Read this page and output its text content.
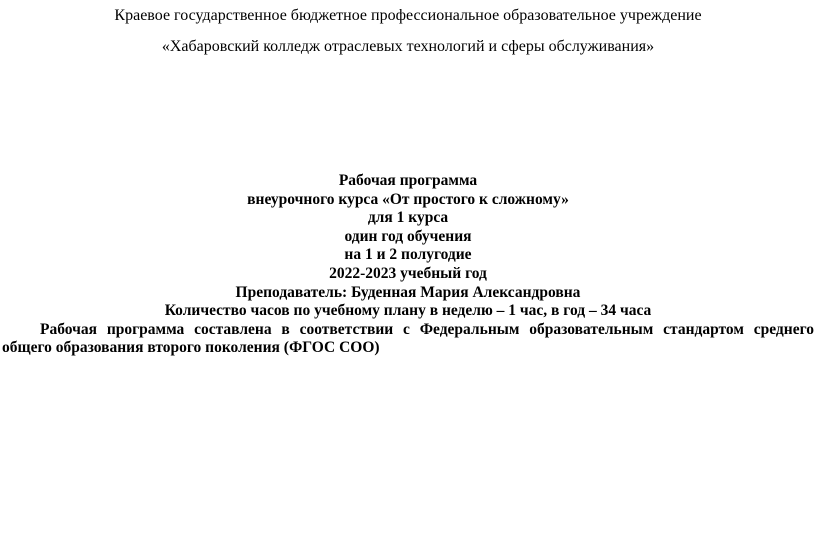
Краевое государственное бюджетное профессиональное образовательное учреждение
«Хабаровский колледж отраслевых технологий и сферы обслуживания»
Рабочая программа
внеурочного курса «От простого к сложному»
для 1 курса
один год обучения
на 1 и 2 полугодие
2022-2023 учебный год
Преподаватель: Буденная Мария Александровна
Количество часов по учебному плану в неделю – 1 час, в год – 34 часа

Рабочая программа составлена в соответствии с Федеральным образовательным стандартом среднего общего образования второго поколения (ФГОС СОО)
